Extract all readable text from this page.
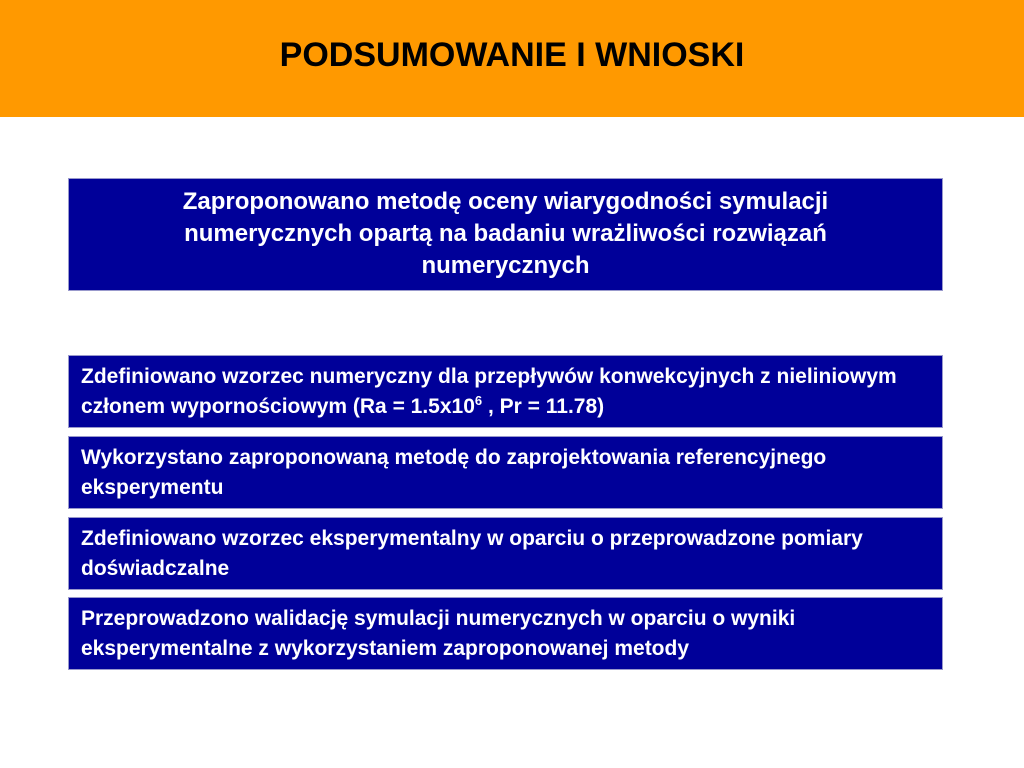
PODSUMOWANIE I WNIOSKI
Zaproponowano metodę oceny wiarygodności symulacji numerycznych opartą na badaniu wrażliwości rozwiązań numerycznych
Zdefiniowano wzorzec numeryczny dla przepływów konwekcyjnych z nieliniowym członem wypornościowym ($Ra = 1.5x10^6$ , Pr = 11.78)
Wykorzystano zaproponowaną metodę do zaprojektowania referencyjnego eksperymentu
Zdefiniowano wzorzec eksperymentalny w oparciu o przeprowadzone pomiary doświadczalne
Przeprowadzono walidację symulacji numerycznych w oparciu o wyniki eksperymentalne z wykorzystaniem zaproponowanej metody
